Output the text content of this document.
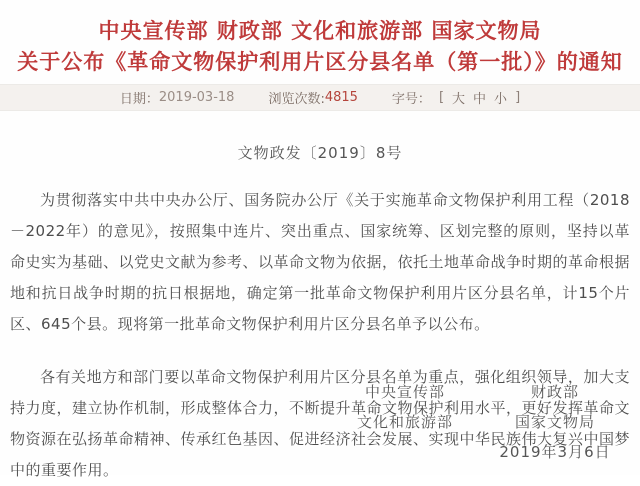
中央宣传部 财政部 文化和旅游部 国家文物局
关于公布《革命文物保护利用片区分县名单（第一批）》的通知
日期： 2019-03-18	浏览次数: 4815	字号： [ 大 中 小 ]
文物政发〔2019〕8号

为贯彻落实中共中央办公厅、国务院办公厅《关于实施革命文物保护利用工程（2018－2022年）的意见》，按照集中连片、突出重点、国家统筹、区划完整的原则，坚持以革命史实为基础、以党史文献为参考、以革命文物为依据，依托土地革命战争时期的革命根据地和抗日战争时期的抗日根据地，确定第一批革命文物保护利用片区分县名单，计15个片区、645个县。现将第一批革命文物保护利用片区分县名单予以公布。

各有关地方和部门要以革命文物保护利用片区分县名单为重点，强化组织领导，加大支持力度，建立协作机制，形成整体合力，不断提升革命文物保护利用水平，更好发挥革命文物资源在弘扬革命精神、传承红色基因、促进经济社会发展、实现中华民族伟大复兴中国梦中的重要作用。

中央宣传部	财政部
文化和旅游部	国家文物局
2019年3月6日
